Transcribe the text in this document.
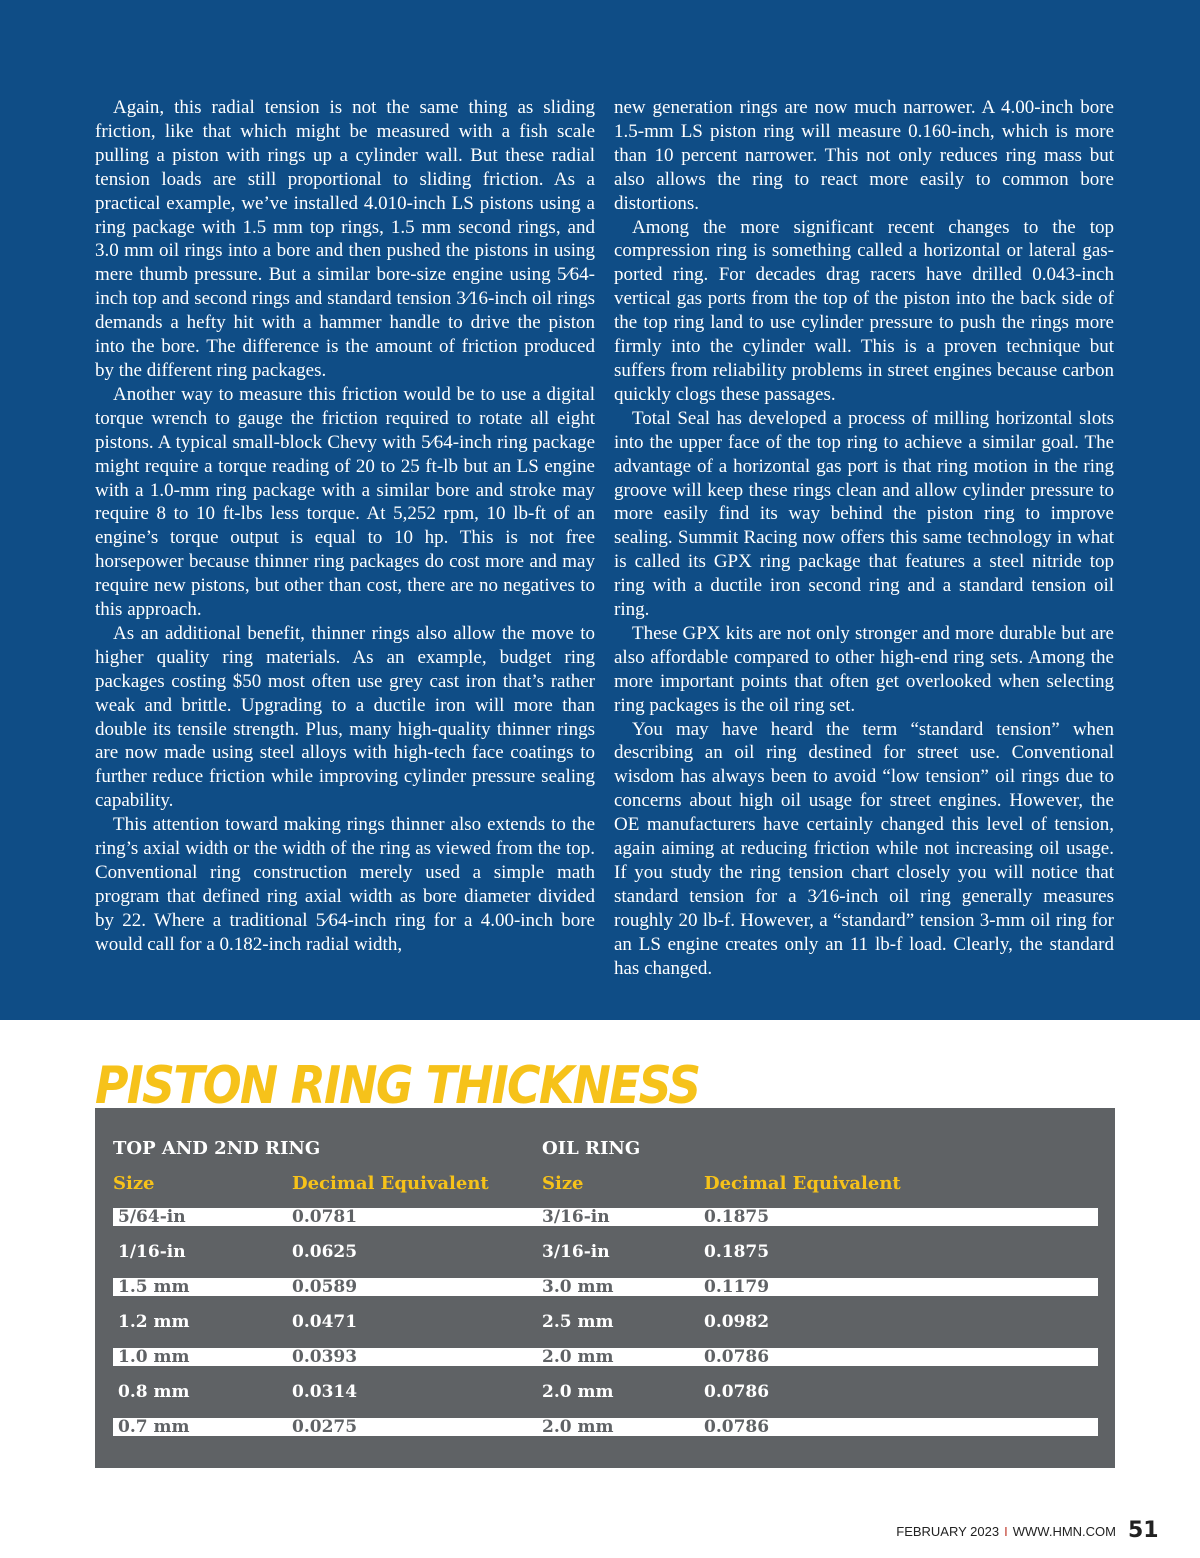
Again, this radial tension is not the same thing as sliding friction, like that which might be measured with a fish scale pulling a piston with rings up a cylinder wall. But these radial tension loads are still proportional to sliding friction. As a practical example, we’ve installed 4.010-inch LS pistons using a ring package with 1.5 mm top rings, 1.5 mm second rings, and 3.0 mm oil rings into a bore and then pushed the pistons in using mere thumb pressure. But a similar bore-size engine using 5⁄64-inch top and second rings and standard tension 3⁄16-inch oil rings demands a hefty hit with a hammer handle to drive the piston into the bore. The difference is the amount of friction produced by the different ring packages.

Another way to measure this friction would be to use a digital torque wrench to gauge the friction required to rotate all eight pistons. A typical small-block Chevy with 5⁄64-inch ring package might require a torque reading of 20 to 25 ft-lb but an LS engine with a 1.0-mm ring package with a similar bore and stroke may require 8 to 10 ft-lbs less torque. At 5,252 rpm, 10 lb-ft of an engine’s torque output is equal to 10 hp. This is not free horsepower because thinner ring packages do cost more and may require new pistons, but other than cost, there are no negatives to this approach.

As an additional benefit, thinner rings also allow the move to higher quality ring materials. As an example, budget ring packages costing $50 most often use grey cast iron that’s rather weak and brittle. Upgrading to a ductile iron will more than double its tensile strength. Plus, many high-quality thinner rings are now made using steel alloys with high-tech face coatings to further reduce friction while improving cylinder pressure sealing capability.

This attention toward making rings thinner also extends to the ring’s axial width or the width of the ring as viewed from the top. Conventional ring construction merely used a simple math program that defined ring axial width as bore diameter divided by 22. Where a traditional 5⁄64-inch ring for a 4.00-inch bore would call for a 0.182-inch radial width,

new generation rings are now much narrower. A 4.00-inch bore 1.5-mm LS piston ring will measure 0.160-inch, which is more than 10 percent narrower. This not only reduces ring mass but also allows the ring to react more easily to common bore distortions.

Among the more significant recent changes to the top compression ring is something called a horizontal or lateral gas-ported ring. For decades drag racers have drilled 0.043-inch vertical gas ports from the top of the piston into the back side of the top ring land to use cylinder pressure to push the rings more firmly into the cylinder wall. This is a proven technique but suffers from reliability problems in street engines because carbon quickly clogs these passages.

Total Seal has developed a process of milling horizontal slots into the upper face of the top ring to achieve a similar goal. The advantage of a horizontal gas port is that ring motion in the ring groove will keep these rings clean and allow cylinder pressure to more easily find its way behind the piston ring to improve sealing. Summit Racing now offers this same technology in what is called its GPX ring package that features a steel nitride top ring with a ductile iron second ring and a standard tension oil ring.

These GPX kits are not only stronger and more durable but are also affordable compared to other high-end ring sets. Among the more important points that often get overlooked when selecting ring packages is the oil ring set.

You may have heard the term “standard tension” when describing an oil ring destined for street use. Conventional wisdom has always been to avoid “low tension” oil rings due to concerns about high oil usage for street engines. However, the OE manufacturers have certainly changed this level of tension, again aiming at reducing friction while not increasing oil usage. If you study the ring tension chart closely you will notice that standard tension for a 3⁄16-inch oil ring generally measures roughly 20 lb-f. However, a “standard” tension 3-mm oil ring for an LS engine creates only an 11 lb-f load. Clearly, the standard has changed.

PISTON RING THICKNESS
TOP AND 2ND RING	OIL RING
Size	Decimal Equivalent	Size	Decimal Equivalent
5/64-in	0.0781	3/16-in	0.1875
1/16-in	0.0625	3/16-in	0.1875
1.5 mm	0.0589	3.0 mm	0.1179
1.2 mm	0.0471	2.5 mm	0.0982
1.0 mm	0.0393	2.0 mm	0.0786
0.8 mm	0.0314	2.0 mm	0.0786
0.7 mm	0.0275	2.0 mm	0.0786
FEBRUARY 2023 I WWW.HMN.COM 51
